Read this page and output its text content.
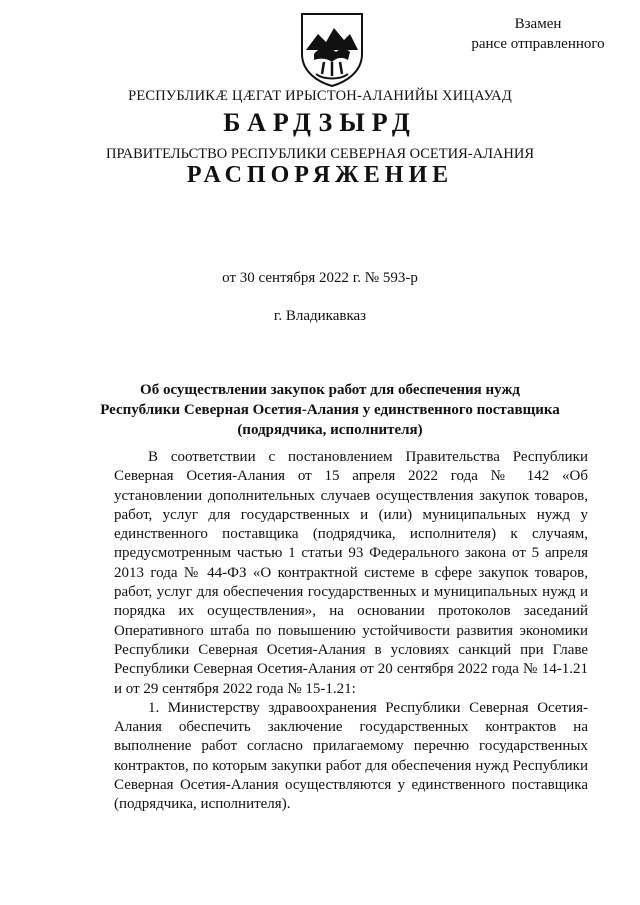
Взамен
рансе отправленного
РЕСПУБЛИКÆ ЦÆГАТ ИРЫСТОН-АЛАНИЙЫ ХИЦАУАД
БАРДЗЫРД
ПРАВИТЕЛЬСТВО РЕСПУБЛИКИ СЕВЕРНАЯ ОСЕТИЯ-АЛАНИЯ
РАСПОРЯЖЕНИЕ
от 30 сентября 2022 г. № 593-р
г. Владикавказ
Об осуществлении закупок работ для обеспечения нужд Республики Северная Осетия-Алания у единственного поставщика (подрядчика, исполнителя)

В соответствии с постановлением Правительства Республики Северная Осетия-Алания от 15 апреля 2022 года № 142 «Об установлении дополнительных случаев осуществления закупок товаров, работ, услуг для государственных и (или) муниципальных нужд у единственного поставщика (подрядчика, исполнителя) к случаям, предусмотренным частью 1 статьи 93 Федерального закона от 5 апреля 2013 года № 44-ФЗ «О контрактной системе в сфере закупок товаров, работ, услуг для обеспечения государственных и муниципальных нужд и порядка их осуществления», на основании протоколов заседаний Оперативного штаба по повышению устойчивости развития экономики Республики Северная Осетия-Алания в условиях санкций при Главе Республики Северная Осетия-Алания от 20 сентября 2022 года № 14-1.21 и от 29 сентября 2022 года № 15-1.21:

1. Министерству здравоохранения Республики Северная Осетия-Алания обеспечить заключение государственных контрактов на выполнение работ согласно прилагаемому перечню государственных контрактов, по которым закупки работ для обеспечения нужд Республики Северная Осетия-Алания осуществляются у единственного поставщика (подрядчика, исполнителя).
